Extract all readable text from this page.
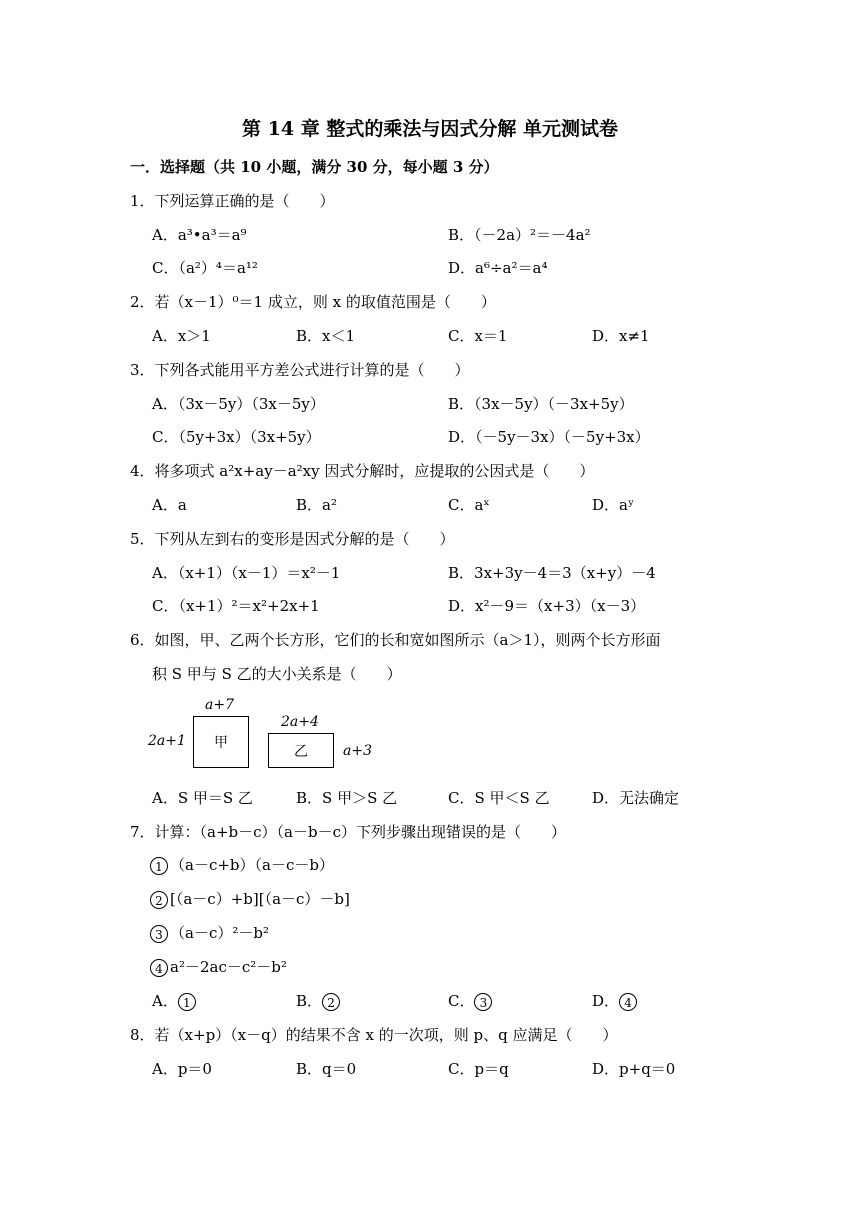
第 14 章 整式的乘法与因式分解 单元测试卷
一．选择题（共 10 小题，满分 30 分，每小题 3 分）
1．下列运算正确的是（　　）
A．a³•a³＝a⁹	B．（－2a）²＝－4a²
C．（a²）⁴＝a¹²	D．a⁶÷a²＝a⁴
2．若（x－1）⁰＝1 成立，则 x 的取值范围是（　　）
A．x＞1	B．x＜1	C．x＝1	D．x≠1
3．下列各式能用平方差公式进行计算的是（　　）
A．（3x－5y）（3x－5y）	B．（3x－5y）（－3x+5y）
C．（5y+3x）（3x+5y）	D．（－5y－3x）（－5y+3x）
4．将多项式 a²x+ay－a²xy 因式分解时，应提取的公因式是（　　）
A．a	B．a²	C．aˣ	D．aʸ
5．下列从左到右的变形是因式分解的是（　　）
A．（x+1）（x－1）＝x²－1	B．3x+3y－4＝3（x+y）－4
C．（x+1）²＝x²+2x+1	D．x²－9＝（x+3）（x－3）
6．如图，甲、乙两个长方形，它们的长和宽如图所示（a＞1），则两个长方形面
积 S 甲与 S 乙的大小关系是（　　）
a+7
2a+1 甲
2a+4
乙	a+3
A．S 甲＝S 乙	B．S 甲＞S 乙	C．S 甲＜S 乙	D．无法确定
7．计算：（a+b－c）（a－b－c）下列步骤出现错误的是（　　）
1 （a－c+b）（a－c－b）
2 [（a－c）+b][（a－c）－b]
3 （a－c）²－b²
4 a²－2ac－c²－b²
A． 1	B． 2	C． 3	D． 4
8．若（x+p）（x－q）的结果不含 x 的一次项，则 p、q 应满足（　　）
A．p＝0	B．q＝0	C．p＝q	D．p+q＝0
